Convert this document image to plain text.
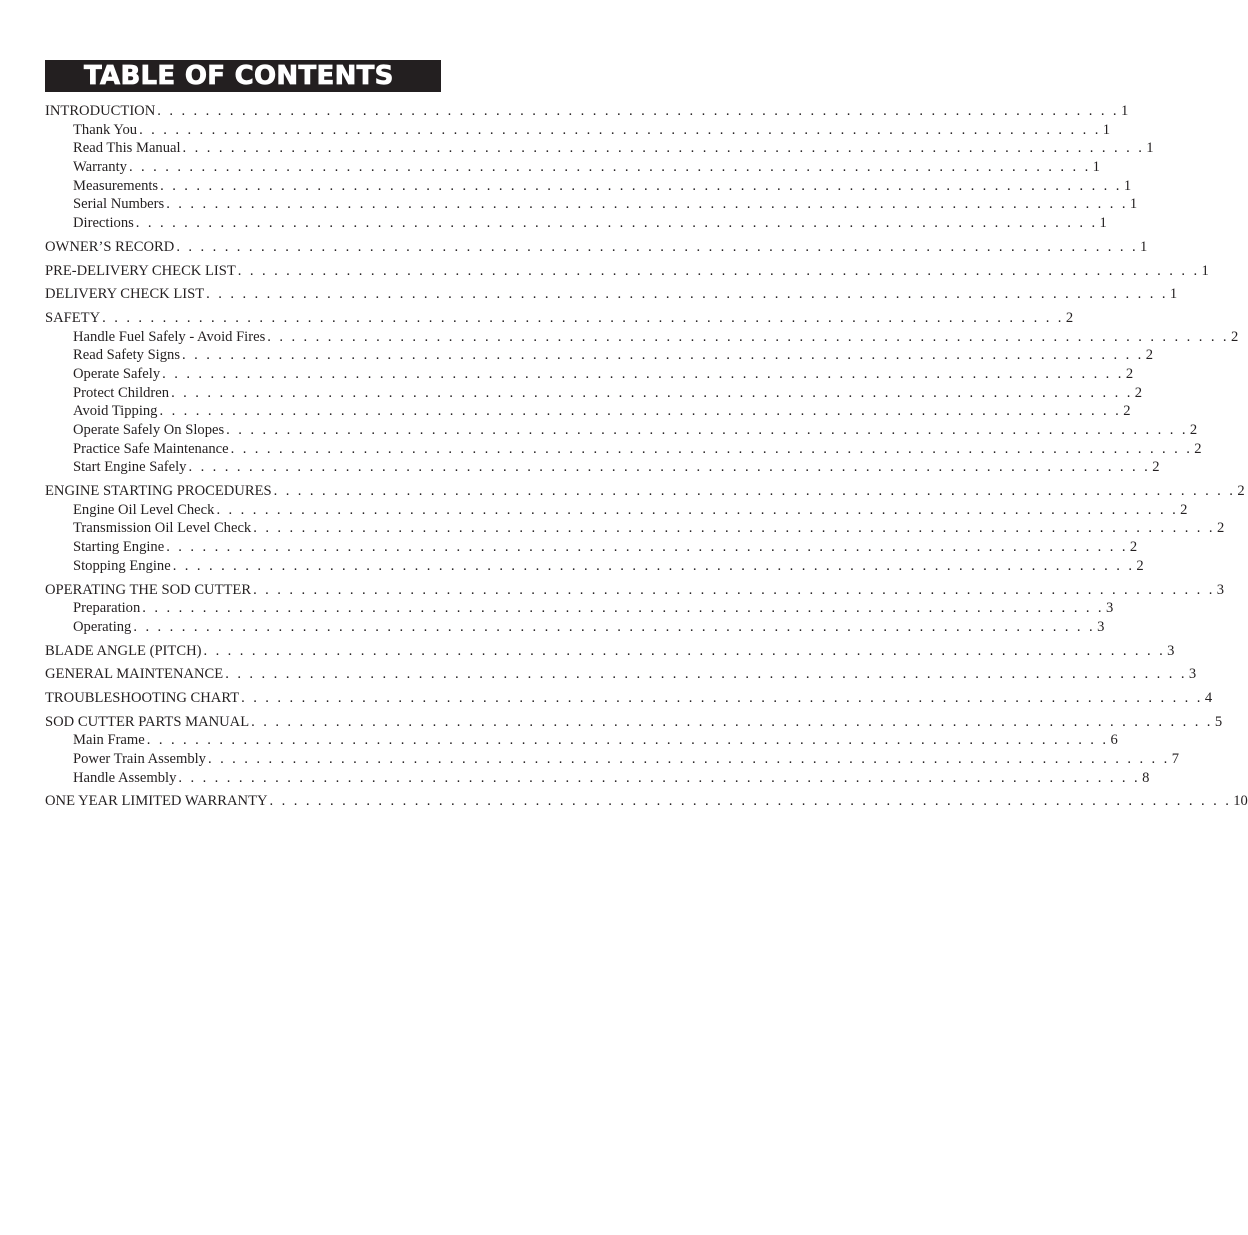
TABLE OF CONTENTS
INTRODUCTION . . . . . . . . . . . . . . . . . . . . . . . . . . . . . . . . . . . . . . . . . . . . . . . . . . . . . . . . . . . . . . . . . . . . . . . . . . . . . . . . 1
Thank You . . . . . . . . . . . . . . . . . . . . . . . . . . . . . . . . . . . . . . . . . . . . . . . . . . . . . . . . . . . . . . . . . . . . . . . . . . . . . . . . 1
Read This Manual . . . . . . . . . . . . . . . . . . . . . . . . . . . . . . . . . . . . . . . . . . . . . . . . . . . . . . . . . . . . . . . . . . . . . . . . . . . . . . . . 1
Warranty . . . . . . . . . . . . . . . . . . . . . . . . . . . . . . . . . . . . . . . . . . . . . . . . . . . . . . . . . . . . . . . . . . . . . . . . . . . . . . . . 1
Measurements . . . . . . . . . . . . . . . . . . . . . . . . . . . . . . . . . . . . . . . . . . . . . . . . . . . . . . . . . . . . . . . . . . . . . . . . . . . . . . . . 1
Serial Numbers . . . . . . . . . . . . . . . . . . . . . . . . . . . . . . . . . . . . . . . . . . . . . . . . . . . . . . . . . . . . . . . . . . . . . . . . . . . . . . . . 1
Directions . . . . . . . . . . . . . . . . . . . . . . . . . . . . . . . . . . . . . . . . . . . . . . . . . . . . . . . . . . . . . . . . . . . . . . . . . . . . . . . . 1
OWNER’S RECORD . . . . . . . . . . . . . . . . . . . . . . . . . . . . . . . . . . . . . . . . . . . . . . . . . . . . . . . . . . . . . . . . . . . . . . . . . . . . . . . . 1
PRE-DELIVERY CHECK LIST . . . . . . . . . . . . . . . . . . . . . . . . . . . . . . . . . . . . . . . . . . . . . . . . . . . . . . . . . . . . . . . . . . . . . . . . . . . . . . . . 1
DELIVERY CHECK LIST . . . . . . . . . . . . . . . . . . . . . . . . . . . . . . . . . . . . . . . . . . . . . . . . . . . . . . . . . . . . . . . . . . . . . . . . . . . . . . . . 1
SAFETY . . . . . . . . . . . . . . . . . . . . . . . . . . . . . . . . . . . . . . . . . . . . . . . . . . . . . . . . . . . . . . . . . . . . . . . . . . . . . . . . 2
Handle Fuel Safely - Avoid Fires . . . . . . . . . . . . . . . . . . . . . . . . . . . . . . . . . . . . . . . . . . . . . . . . . . . . . . . . . . . . . . . . . . . . . . . . . . . . . . . . 2
Read Safety Signs . . . . . . . . . . . . . . . . . . . . . . . . . . . . . . . . . . . . . . . . . . . . . . . . . . . . . . . . . . . . . . . . . . . . . . . . . . . . . . . . 2
Operate Safely . . . . . . . . . . . . . . . . . . . . . . . . . . . . . . . . . . . . . . . . . . . . . . . . . . . . . . . . . . . . . . . . . . . . . . . . . . . . . . . . 2
Protect Children . . . . . . . . . . . . . . . . . . . . . . . . . . . . . . . . . . . . . . . . . . . . . . . . . . . . . . . . . . . . . . . . . . . . . . . . . . . . . . . . 2
Avoid Tipping . . . . . . . . . . . . . . . . . . . . . . . . . . . . . . . . . . . . . . . . . . . . . . . . . . . . . . . . . . . . . . . . . . . . . . . . . . . . . . . . 2
Operate Safely On Slopes . . . . . . . . . . . . . . . . . . . . . . . . . . . . . . . . . . . . . . . . . . . . . . . . . . . . . . . . . . . . . . . . . . . . . . . . . . . . . . . . 2
Practice Safe Maintenance . . . . . . . . . . . . . . . . . . . . . . . . . . . . . . . . . . . . . . . . . . . . . . . . . . . . . . . . . . . . . . . . . . . . . . . . . . . . . . . . 2
Start Engine Safely . . . . . . . . . . . . . . . . . . . . . . . . . . . . . . . . . . . . . . . . . . . . . . . . . . . . . . . . . . . . . . . . . . . . . . . . . . . . . . . . 2
ENGINE STARTING PROCEDURES . . . . . . . . . . . . . . . . . . . . . . . . . . . . . . . . . . . . . . . . . . . . . . . . . . . . . . . . . . . . . . . . . . . . . . . . . . . . . . . . 2
Engine Oil Level Check . . . . . . . . . . . . . . . . . . . . . . . . . . . . . . . . . . . . . . . . . . . . . . . . . . . . . . . . . . . . . . . . . . . . . . . . . . . . . . . . 2
Transmission Oil Level Check . . . . . . . . . . . . . . . . . . . . . . . . . . . . . . . . . . . . . . . . . . . . . . . . . . . . . . . . . . . . . . . . . . . . . . . . . . . . . . . . 2
Starting Engine . . . . . . . . . . . . . . . . . . . . . . . . . . . . . . . . . . . . . . . . . . . . . . . . . . . . . . . . . . . . . . . . . . . . . . . . . . . . . . . . 2
Stopping Engine . . . . . . . . . . . . . . . . . . . . . . . . . . . . . . . . . . . . . . . . . . . . . . . . . . . . . . . . . . . . . . . . . . . . . . . . . . . . . . . . 2
OPERATING THE SOD CUTTER . . . . . . . . . . . . . . . . . . . . . . . . . . . . . . . . . . . . . . . . . . . . . . . . . . . . . . . . . . . . . . . . . . . . . . . . . . . . . . . . 3
Preparation . . . . . . . . . . . . . . . . . . . . . . . . . . . . . . . . . . . . . . . . . . . . . . . . . . . . . . . . . . . . . . . . . . . . . . . . . . . . . . . . 3
Operating . . . . . . . . . . . . . . . . . . . . . . . . . . . . . . . . . . . . . . . . . . . . . . . . . . . . . . . . . . . . . . . . . . . . . . . . . . . . . . . . 3
BLADE ANGLE (PITCH) . . . . . . . . . . . . . . . . . . . . . . . . . . . . . . . . . . . . . . . . . . . . . . . . . . . . . . . . . . . . . . . . . . . . . . . . . . . . . . . . 3
GENERAL MAINTENANCE . . . . . . . . . . . . . . . . . . . . . . . . . . . . . . . . . . . . . . . . . . . . . . . . . . . . . . . . . . . . . . . . . . . . . . . . . . . . . . . . 3
TROUBLESHOOTING CHART . . . . . . . . . . . . . . . . . . . . . . . . . . . . . . . . . . . . . . . . . . . . . . . . . . . . . . . . . . . . . . . . . . . . . . . . . . . . . . . . 4
SOD CUTTER PARTS MANUAL . . . . . . . . . . . . . . . . . . . . . . . . . . . . . . . . . . . . . . . . . . . . . . . . . . . . . . . . . . . . . . . . . . . . . . . . . . . . . . . . 5
Main Frame . . . . . . . . . . . . . . . . . . . . . . . . . . . . . . . . . . . . . . . . . . . . . . . . . . . . . . . . . . . . . . . . . . . . . . . . . . . . . . . . 6
Power Train Assembly . . . . . . . . . . . . . . . . . . . . . . . . . . . . . . . . . . . . . . . . . . . . . . . . . . . . . . . . . . . . . . . . . . . . . . . . . . . . . . . . 7
Handle Assembly . . . . . . . . . . . . . . . . . . . . . . . . . . . . . . . . . . . . . . . . . . . . . . . . . . . . . . . . . . . . . . . . . . . . . . . . . . . . . . . . 8
ONE YEAR LIMITED WARRANTY . . . . . . . . . . . . . . . . . . . . . . . . . . . . . . . . . . . . . . . . . . . . . . . . . . . . . . . . . . . . . . . . . . . . . . . . . . . . . . . . 10
